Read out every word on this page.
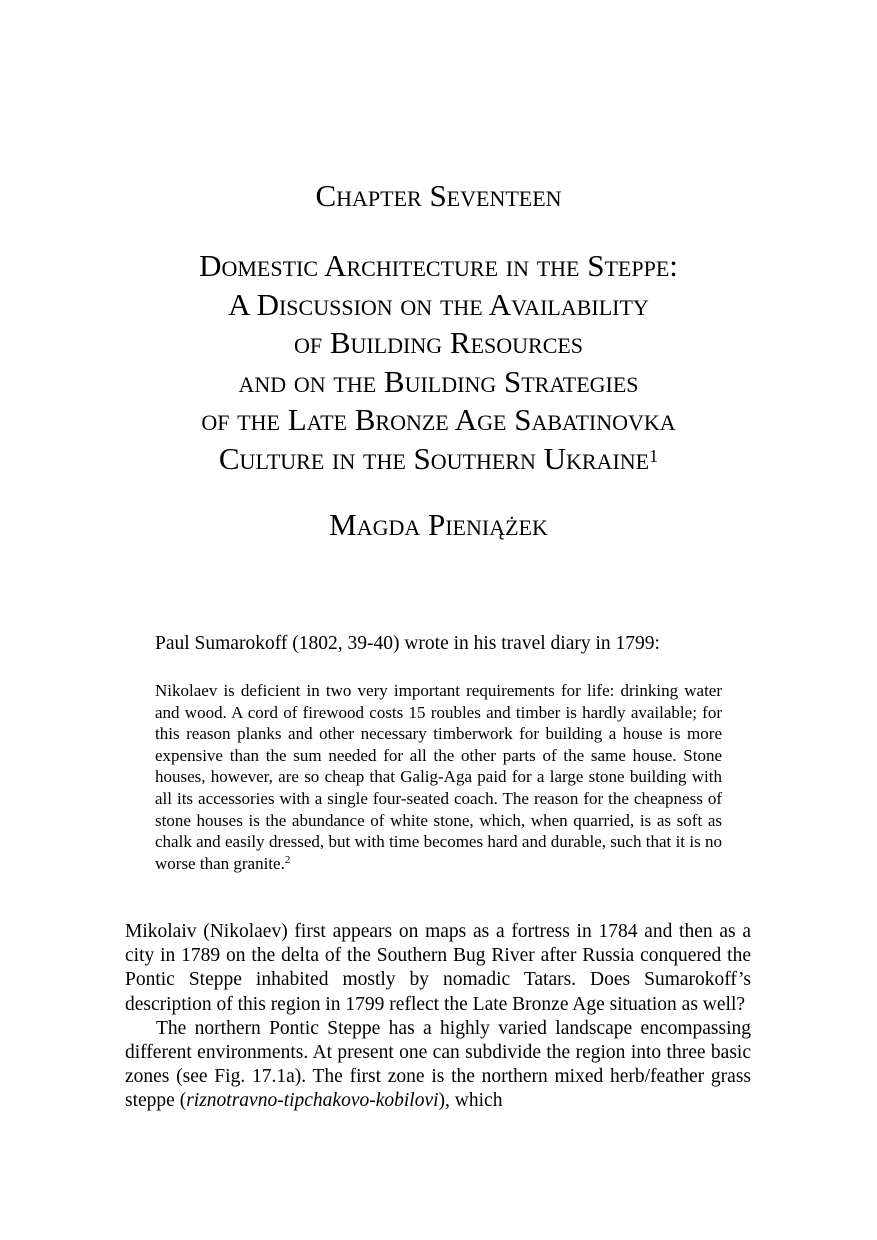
Chapter Seventeen
Domestic Architecture in the Steppe:
A Discussion on the Availability
of Building Resources
and on the Building Strategies
of the Late Bronze Age Sabatinovka
Culture in the Southern Ukraine$^1$
Magda Pieniążek
Paul Sumarokoff (1802, 39-40) wrote in his travel diary in 1799:
Nikolaev is deficient in two very important requirements for life: drinking water and wood. A cord of firewood costs 15 roubles and timber is hardly available; for this reason planks and other necessary timberwork for building a house is more expensive than the sum needed for all the other parts of the same house. Stone houses, however, are so cheap that Galig-Aga paid for a large stone building with all its accessories with a single four-seated coach. The reason for the cheapness of stone houses is the abundance of white stone, which, when quarried, is as soft as chalk and easily dressed, but with time becomes hard and durable, such that it is no worse than granite.$^2$

Mikolaiv (Nikolaev) first appears on maps as a fortress in 1784 and then as a city in 1789 on the delta of the Southern Bug River after Russia conquered the Pontic Steppe inhabited mostly by nomadic Tatars. Does Sumarokoff’s description of this region in 1799 reflect the Late Bronze Age situation as well?

The northern Pontic Steppe has a highly varied landscape encompassing different environments. At present one can subdivide the region into three basic zones (see Fig. 17.1a). The first zone is the northern mixed herb/feather grass steppe (riznotravno-tipchakovo-kobilovi), which
